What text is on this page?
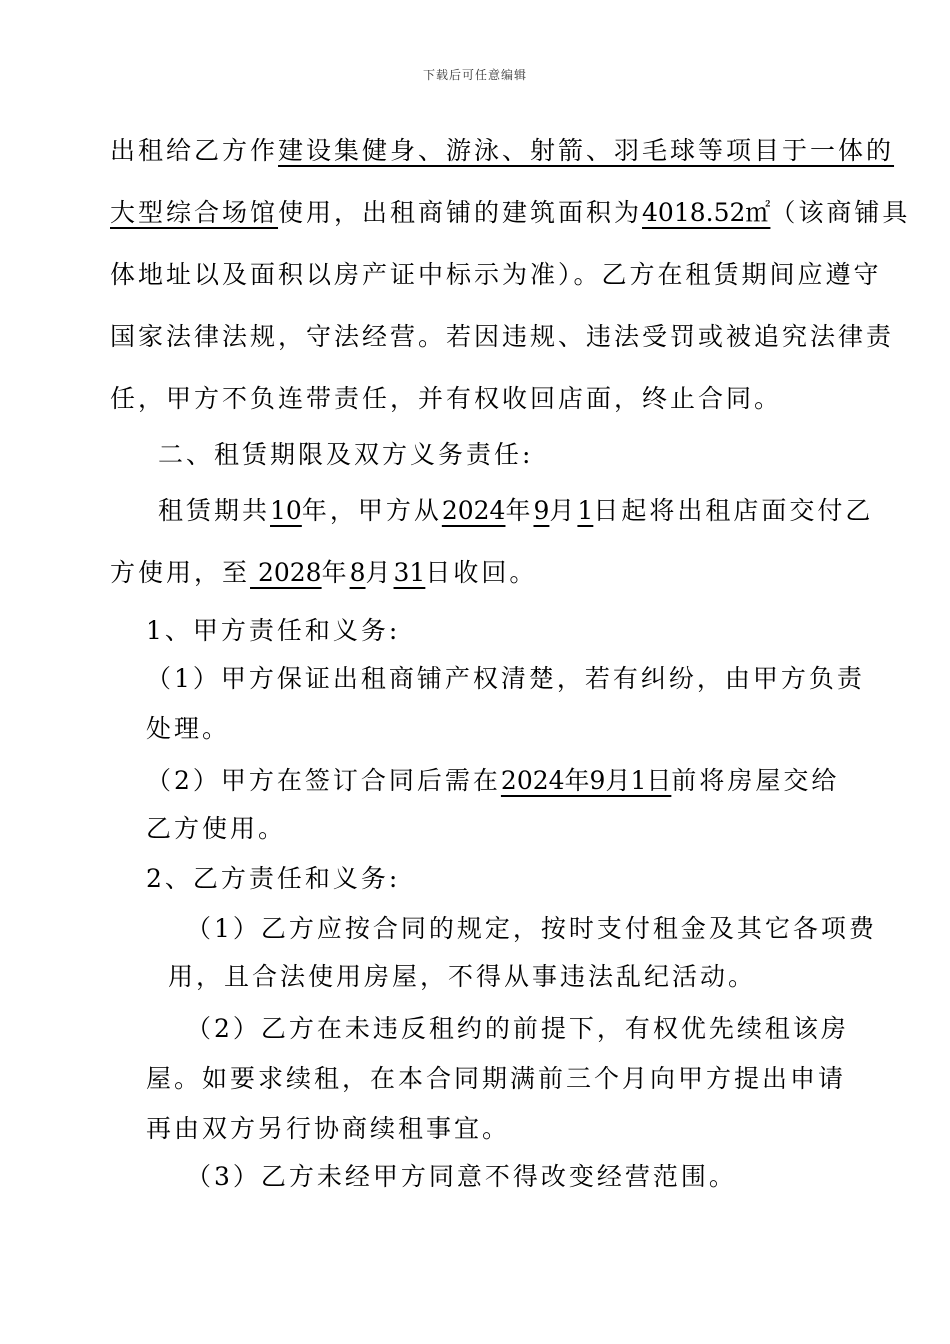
下载后可任意编辑
出租给乙方作建设集健身、游泳、射箭、羽毛球等项目于一体的
大型综合场馆使用，出租商铺的建筑面积为4018.52㎡（该商铺具
体地址以及面积以房产证中标示为准）。乙方在租赁期间应遵守
国家法律法规，守法经营。若因违规、违法受罚或被追究法律责
任，甲方不负连带责任，并有权收回店面，终止合同。
二、租赁期限及双方义务责任:
租赁期共10年，甲方从2024年9月1日起将出租店面交付乙
方使用，至 2028年8月31日收回。
1、甲方责任和义务:
（1）甲方保证出租商铺产权清楚，若有纠纷，由甲方负责
处理。
（2）甲方在签订合同后需在2024年9月1日前将房屋交给
乙方使用。
2、乙方责任和义务:
（1）乙方应按合同的规定，按时支付租金及其它各项费
用，且合法使用房屋，不得从事违法乱纪活动。
（2）乙方在未违反租约的前提下，有权优先续租该房
屋。如要求续租，在本合同期满前三个月向甲方提出申请
再由双方另行协商续租事宜。
（3）乙方未经甲方同意不得改变经营范围。
